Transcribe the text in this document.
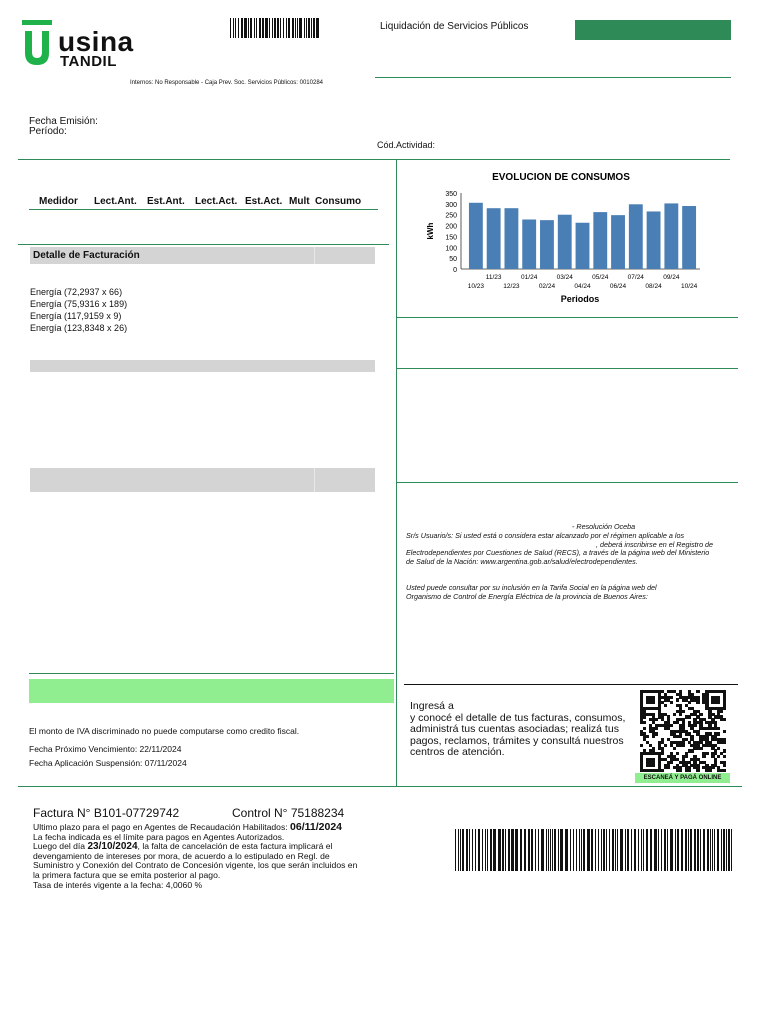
usina
TANDIL
Liquidación de Servicios Públicos
Internos: No Responsable - Caja Prev. Soc. Servicios Públicos: 0010284
Fecha Emisión:
Período:
Cód.Actividad:
Medidor Lect.Ant. Est.Ant. Lect.Act. Est.Act. Mult Consumo
Detalle de Facturación
Energía (72,2937 x 66)
Energía (75,9316 x 189)
Energía (117,9159 x 9)
Energía (123,8348 x 26)
El monto de IVA discriminado no puede computarse como credito fiscal.
Fecha Próximo Vencimiento: 22/11/2024
Fecha Aplicación Suspensión: 07/11/2024
EVOLUCION DE CONSUMOS
kWh
Periodos
0
50
100
150
200
250
300
350
10/23
11/23
12/23
01/24
02/24
03/24
04/24
05/24
06/24
07/24
08/24
09/24
10/24
- Resolución Oceba
Sr/s Usuario/s: Si usted está o considera estar alcanzado por el régimen aplicable a los
, deberá inscribirse en el Registro de
Electrodependientes por Cuestiones de Salud (RECS), a través de la página web del Ministerio
de Salud de la Nación: www.argentina.gob.ar/salud/electrodependientes.
Usted puede consultar por su inclusión en la Tarifa Social en la página web del
Organismo de Control de Energía Eléctrica de la provincia de Buenos Aires:
Ingresá a
y conocé el detalle de tus facturas, consumos,
administrá tus cuentas asociadas; realizá tus
pagos, reclamos, trámites y consultá nuestros
centros de atención.
ESCANEÁ Y PAGÁ ONLINE
Factura N° B101-07729742	Control N° 75188234
Ultimo plazo para el pago en Agentes de Recaudación Habilitados: 06/11/2024
La fecha indicada es el límite para pagos en Agentes Autorizados.
Luego del día 23/10/2024, la falta de cancelación de esta factura implicará el
devengamiento de intereses por mora, de acuerdo a lo estipulado en Regl. de
Suministro y Conexión del Contrato de Concesión vigente, los que serán incluidos en
la primera factura que se emita posterior al pago.
Tasa de interés vigente a la fecha: 4,0060 %
